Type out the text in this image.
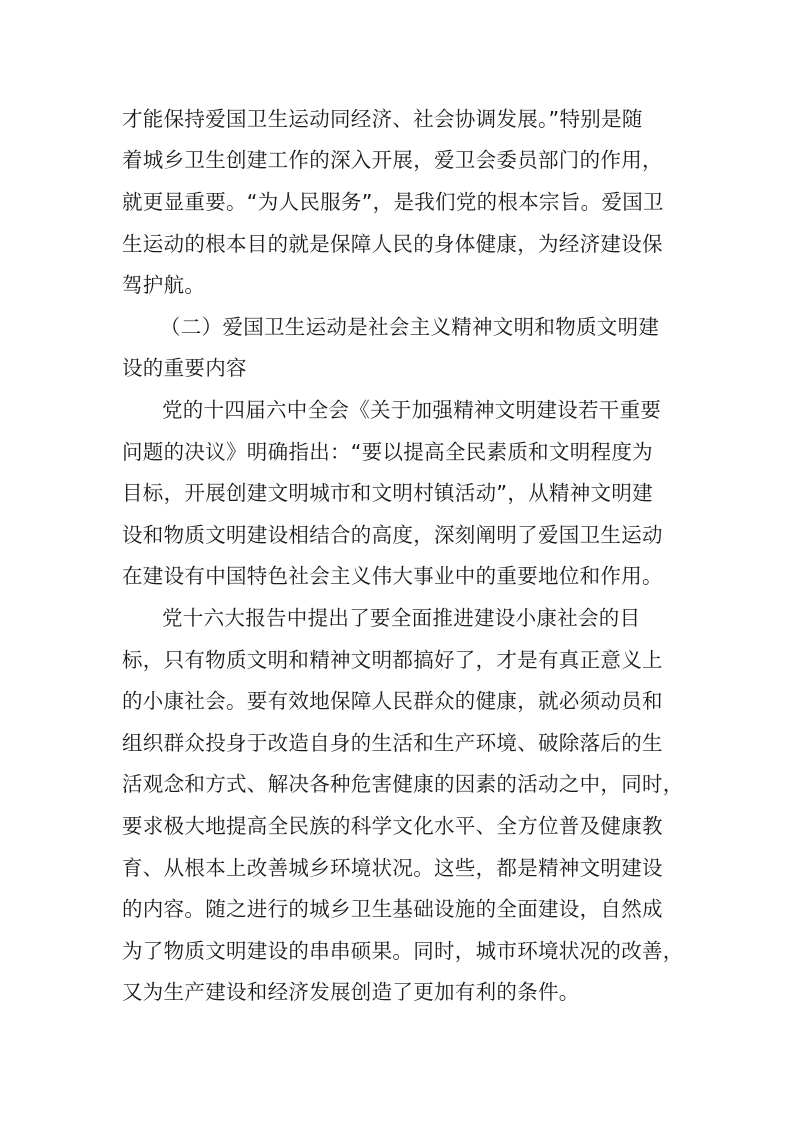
才能保持爱国卫生运动同经济、社会协调发展。”特别是随
着城乡卫生创建工作的深入开展，爱卫会委员部门的作用，
就更显重要。“为人民服务”，是我们党的根本宗旨。爱国卫
生运动的根本目的就是保障人民的身体健康，为经济建设保
驾护航。
（二）爱国卫生运动是社会主义精神文明和物质文明建
设的重要内容
党的十四届六中全会《关于加强精神文明建设若干重要
问题的决议》明确指出：“要以提高全民素质和文明程度为
目标，开展创建文明城市和文明村镇活动”，从精神文明建
设和物质文明建设相结合的高度，深刻阐明了爱国卫生运动
在建设有中国特色社会主义伟大事业中的重要地位和作用。
党十六大报告中提出了要全面推进建设小康社会的目
标，只有物质文明和精神文明都搞好了，才是有真正意义上
的小康社会。要有效地保障人民群众的健康，就必须动员和
组织群众投身于改造自身的生活和生产环境、破除落后的生
活观念和方式、解决各种危害健康的因素的活动之中，同时，
要求极大地提高全民族的科学文化水平、全方位普及健康教
育、从根本上改善城乡环境状况。这些，都是精神文明建设
的内容。随之进行的城乡卫生基础设施的全面建设，自然成
为了物质文明建设的串串硕果。同时，城市环境状况的改善，
又为生产建设和经济发展创造了更加有利的条件。
